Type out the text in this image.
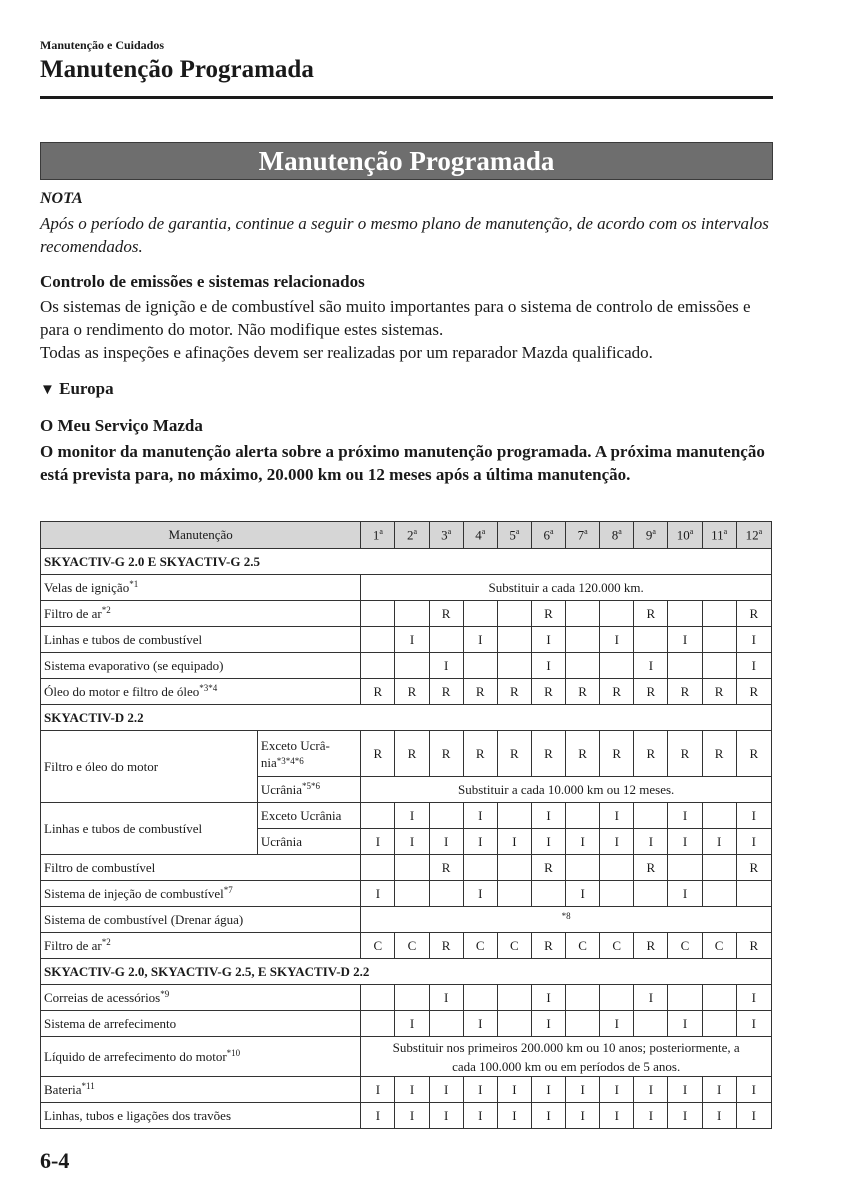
Manutenção e Cuidados
Manutenção Programada
Manutenção Programada
NOTA
Após o período de garantia, continue a seguir o mesmo plano de manutenção, de acordo com os intervalos recomendados.
Controlo de emissões e sistemas relacionados
Os sistemas de ignição e de combustível são muito importantes para o sistema de controlo de emissões e para o rendimento do motor. Não modifique estes sistemas.
Todas as inspeções e afinações devem ser realizadas por um reparador Mazda qualificado.
▼ Europa
O Meu Serviço Mazda
O monitor da manutenção alerta sobre a próximo manutenção programada. A próxima manutenção está prevista para, no máximo, 20.000 km ou 12 meses após a última manutenção.
Manutenção		1$^a$	2$^a$	3$^a$	4$^a$	5$^a$	6$^a$	7$^a$	8$^a$	9$^a$	10$^a$	11$^a$	12$^a$
SKYACTIV-G 2.0 E SKYACTIV-G 2.5													
Velas de ignição$^{*1}$		Substituir a cada 120.000 km.											
Filtro de ar$^{*2}$				R			R			R			R
Linhas e tubos de combustível			I		I		I		I		I		I
Sistema evaporativo (se equipado)				I			I			I			I
Óleo do motor e filtro de óleo$^{*3*4}$		R	R	R	R	R	R	R	R	R	R	R	R
SKYACTIV-D 2.2													
Filtro e óleo do motor	Exceto Ucrâ-nia$^{*3*4*6}$	R	R	R	R	R	R	R	R	R	R	R	R
	Ucrânia$^{*5*6}$	Substituir a cada 10.000 km ou 12 meses.											
Linhas e tubos de combustível	Exceto Ucrânia		I		I		I		I		I		I
	Ucrânia	I	I	I	I	I	I	I	I	I	I	I	I
Filtro de combustível				R			R			R			R
Sistema de injeção de combustível$^{*7}$		I			I			I			I		
Sistema de combustível (Drenar água)		$^{*8}$
Filtro de ar$^{*2}$		C	C	R	C	C	R	C	C	R	C	C	R
SKYACTIV-G 2.0, SKYACTIV-G 2.5, E SKYACTIV-D 2.2													
Correias de acessórios$^{*9}$				I			I			I			I
Sistema de arrefecimento			I		I		I		I		I		I
Líquido de arrefecimento do motor$^{*10}$		Substituir nos primeiros 200.000 km ou 10 anos; posteriormente, a
cada 100.000 km ou em períodos de 5 anos.											

Bateria$^{*11}$		I	I	I	I	I	I	I	I	I	I	I	I
Linhas, tubos e ligações dos travões		I	I	I	I	I	I	I	I	I	I	I	I
6-4
